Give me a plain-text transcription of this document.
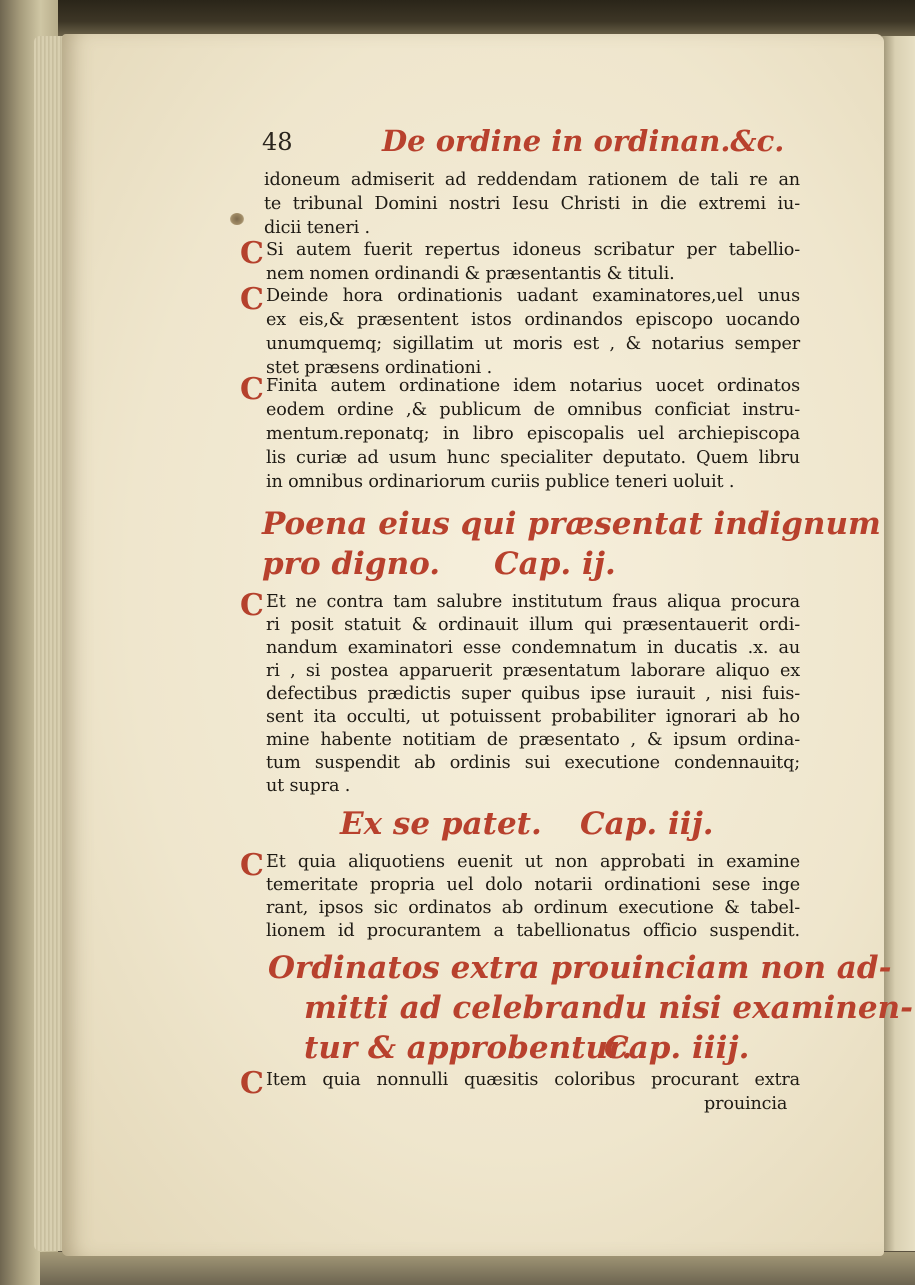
48	De ordine in ordinan.&c.
idoneum admiserit ad reddendam rationem de tali re an
te tribunal Domini nostri Iesu Christi in die extremi iu-
dicii teneri .
C Si autem fuerit repertus idoneus scribatur per tabellio-
nem nomen ordinandi & præsentantis & tituli.
C Deinde hora ordinationis uadant examinatores,uel unus
ex eis,& præsentent istos ordinandos episcopo uocando
unumquemq; sigillatim ut moris est , & notarius semper
stet præsens ordinationi .
C Finita autem ordinatione idem notarius uocet ordinatos
eodem ordine ,& publicum de omnibus conficiat instru-
mentum.reponatq; in libro episcopalis uel archiepiscopa
lis curiæ ad usum hunc specialiter deputato. Quem libru
in omnibus ordinariorum curiis publice teneri uoluit .
Poena eius qui præsentat indignum
pro digno. Cap. ij.
C Et ne contra tam salubre institutum fraus aliqua procura
ri posit statuit & ordinauit illum qui præsentauerit ordi-
nandum examinatori esse condemnatum in ducatis .x. au
ri , si postea apparuerit præsentatum laborare aliquo ex
defectibus prædictis super quibus ipse iurauit , nisi fuis-
sent ita occulti, ut potuissent probabiliter ignorari ab ho
mine habente notitiam de præsentato , & ipsum ordina-
tum suspendit ab ordinis sui executione condennauitq;
ut supra .
Ex se patet. Cap. iij.
C Et quia aliquotiens euenit ut non approbati in examine
temeritate propria uel dolo notarii ordinationi sese inge
rant, ipsos sic ordinatos ab ordinum executione & tabel-
lionem id procurantem a tabellionatus officio suspendit.
Ordinatos extra prouinciam non ad-
mitti ad celebrandu nisi examinen-
tur & approbentur.
Cap. iiij.
C Item quia nonnulli quæsitis coloribus procurant extra
prouincia
